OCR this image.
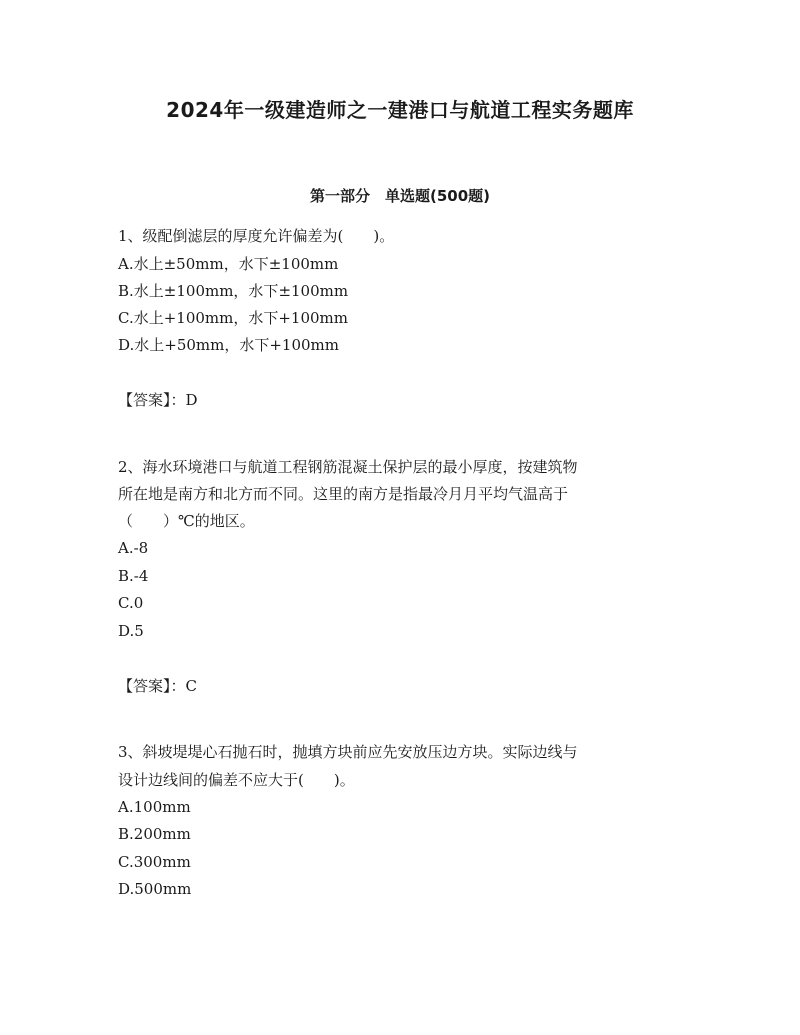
2024年一级建造师之一建港口与航道工程实务题库
第一部分　单选题(500题)
1、级配倒滤层的厚度允许偏差为(　　)。
A.水上±50mm，水下±100mm
B.水上±100mm，水下±100mm
C.水上+100mm，水下+100mm
D.水上+50mm，水下+100mm
【答案】：D
2、海水环境港口与航道工程钢筋混凝土保护层的最小厚度，按建筑物
所在地是南方和北方而不同。这里的南方是指最冷月月平均气温高于
（　　）℃的地区。
A.-8
B.-4
C.0
D.5
【答案】：C
3、斜坡堤堤心石抛石时，抛填方块前应先安放压边方块。实际边线与
设计边线间的偏差不应大于(　　)。
A.100mm
B.200mm
C.300mm
D.500mm
